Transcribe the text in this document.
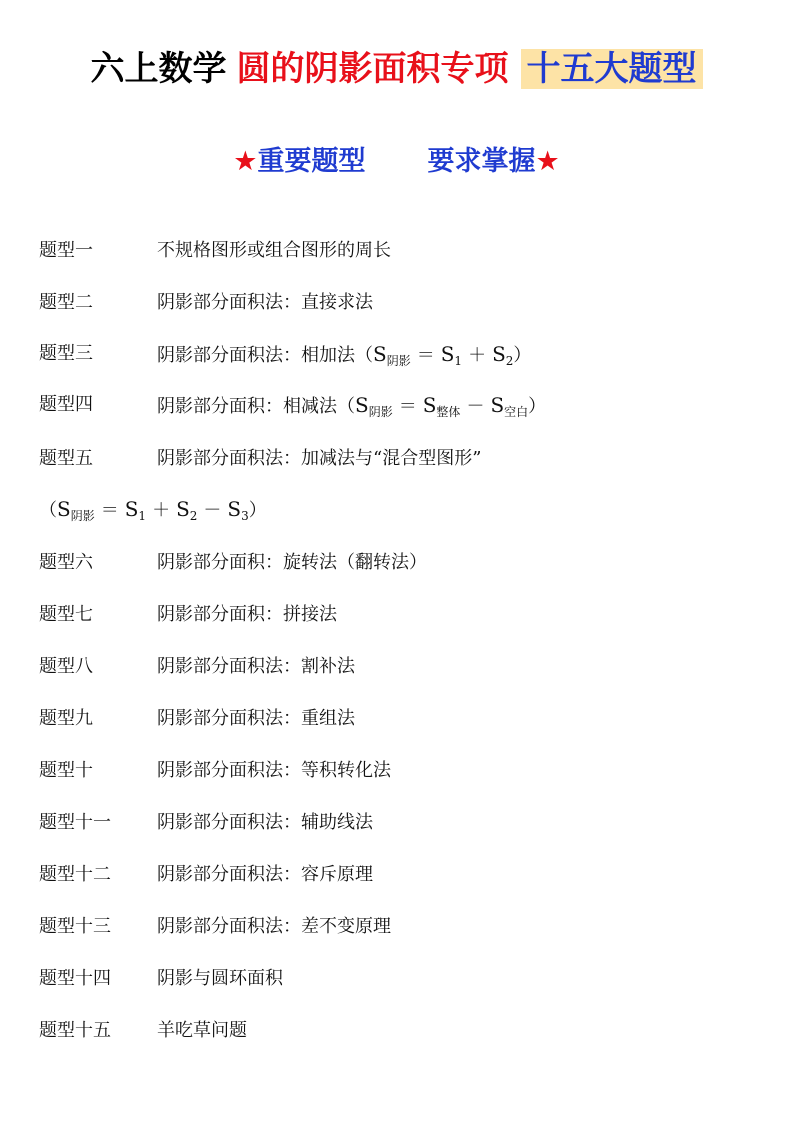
六上数学 圆的阴影面积专项 十五大题型
★重要题型 要求掌握★
题型一	不规格图形或组合图形的周长
题型二	阴影部分面积法：直接求法
题型三	阴影部分面积法：相加法$(S_{阴影} = S_1 + S_2)$
题型四	阴影部分面积：相减法$(S_{阴影} = S_{整体} - S_{空白})$
题型五	阴影部分面积法：加减法与“混合型图形”
$(S_{阴影} = S_1 + S_2 - S_3)$
题型六	阴影部分面积：旋转法（翻转法）
题型七	阴影部分面积：拼接法
题型八	阴影部分面积法：割补法
题型九	阴影部分面积法：重组法
题型十	阴影部分面积法：等积转化法
题型十一	阴影部分面积法：辅助线法
题型十二	阴影部分面积法：容斥原理
题型十三	阴影部分面积法：差不变原理
题型十四	阴影与圆环面积
题型十五	羊吃草问题
